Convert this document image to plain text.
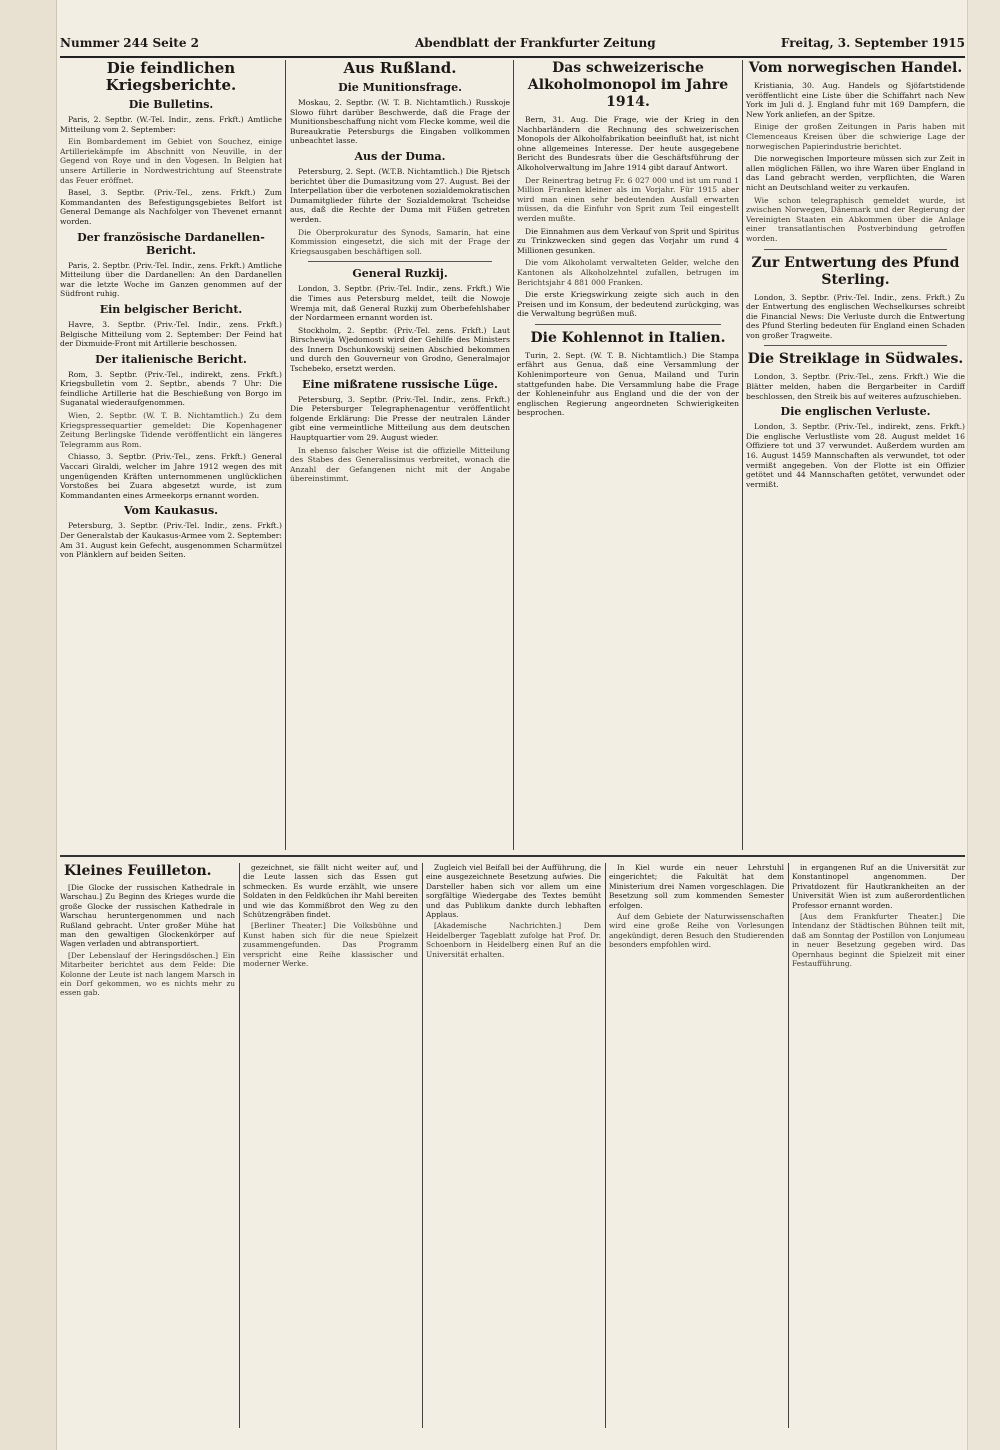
Nummer 244 Seite 2	Abendblatt der Frankfurter Zeitung	Freitag, 3. September 1915
Die feindlichen Kriegsberichte.
Die Bulletins.

Paris, 2. Septbr. (W.-Tel. Indir., zens. Frkft.) Amtliche Mitteilung vom 2. September:

Ein Bombardement im Gebiet von Souchez, einige Artilleriekämpfe im Abschnitt von Neuville, in der Gegend von Roye und in den Vogesen. In Belgien hat unsere Artillerie in Nordwestrichtung auf Steenstrate das Feuer eröffnet.

Basel, 3. Septbr. (Priv.-Tel., zens. Frkft.) Zum Kommandanten des Befestigungsgebietes Belfort ist General Demange als Nachfolger von Thevenet ernannt worden.

Der französische Dardanellen-Bericht.

Paris, 2. Septbr. (Priv.-Tel. Indir., zens. Frkft.) Amtliche Mitteilung über die Dardanellen: An den Dardanellen war die letzte Woche im Ganzen genommen auf der Südfront ruhig.

Ein belgischer Bericht.

Havre, 3. Septbr. (Priv.-Tel. Indir., zens. Frkft.) Belgische Mitteilung vom 2. September: Der Feind hat der Dixmuide-Front mit Artillerie beschossen.

Der italienische Bericht.

Rom, 3. Septbr. (Priv.-Tel., indirekt, zens. Frkft.) Kriegsbulletin vom 2. Septbr., abends 7 Uhr: Die feindliche Artillerie hat die Beschießung von Borgo im Suganatal wiederaufgenommen.

Wien, 2. Septbr. (W. T. B. Nichtamtlich.) Zu dem Kriegspressequartier gemeldet: Die Kopenhagener Zeitung Berlingske Tidende veröffentlicht ein längeres Telegramm aus Rom.

Chiasso, 3. Septbr. (Priv.-Tel., zens. Frkft.) General Vaccari Giraldi, welcher im Jahre 1912 wegen des mit ungenügenden Kräften unternommenen unglücklichen Vorstoßes bei Zuara abgesetzt wurde, ist zum Kommandanten eines Armeekorps ernannt worden.

Vom Kaukasus.

Petersburg, 3. Septbr. (Priv.-Tel. Indir., zens. Frkft.) Der Generalstab der Kaukasus-Armee vom 2. September: Am 31. August kein Gefecht, ausgenommen Scharmützel von Plänklern auf beiden Seiten.

Aus Rußland.
Die Munitionsfrage.

Moskau, 2. Septbr. (W. T. B. Nichtamtlich.) Russkoje Slowo führt darüber Beschwerde, daß die Frage der Munitionsbeschaffung nicht vom Flecke komme, weil die Bureaukratie Petersburgs die Eingaben vollkommen unbeachtet lasse.

Aus der Duma.

Petersburg, 2. Sept. (W.T.B. Nichtamtlich.) Die Rjetsch berichtet über die Dumasitzung vom 27. August. Bei der Interpellation über die verbotenen sozialdemokratischen Dumamitglieder führte der Sozialdemokrat Tscheidse aus, daß die Rechte der Duma mit Füßen getreten werden.

Die Oberprokuratur des Synods, Samarin, hat eine Kommission eingesetzt, die sich mit der Frage der Kriegsausgaben beschäftigen soll.

General Ruzkij.

London, 3. Septbr. (Priv.-Tel. Indir., zens. Frkft.) Wie die Times aus Petersburg meldet, teilt die Nowoje Wremja mit, daß General Ruzkij zum Oberbefehlshaber der Nordarmeen ernannt worden ist.

Stockholm, 2. Septbr. (Priv.-Tel. zens. Frkft.) Laut Birschewija Wjedomosti wird der Gehilfe des Ministers des Innern Dschunkowskij seinen Abschied bekommen und durch den Gouverneur von Grodno, Generalmajor Tschebeko, ersetzt werden.

Eine mißratene russische Lüge.

Petersburg, 3. Septbr. (Priv.-Tel. Indir., zens. Frkft.) Die Petersburger Telegraphenagentur veröffentlicht folgende Erklärung: Die Presse der neutralen Länder gibt eine vermeintliche Mitteilung aus dem deutschen Hauptquartier vom 29. August wieder.

In ebenso falscher Weise ist die offizielle Mitteilung des Stabes des Generalissimus verbreitet, wonach die Anzahl der Gefangenen nicht mit der Angabe übereinstimmt.

Das schweizerische Alkoholmonopol im Jahre 1914.

Bern, 31. Aug. Die Frage, wie der Krieg in den Nachbarländern die Rechnung des schweizerischen Monopols der Alkoholfabrikation beeinflußt hat, ist nicht ohne allgemeines Interesse. Der heute ausgegebene Bericht des Bundesrats über die Geschäftsführung der Alkoholverwaltung im Jahre 1914 gibt darauf Antwort.

Der Reinertrag betrug Fr. 6 027 000 und ist um rund 1 Million Franken kleiner als im Vorjahr. Für 1915 aber wird man einen sehr bedeutenden Ausfall erwarten müssen, da die Einfuhr von Sprit zum Teil eingestellt werden mußte.

Die Einnahmen aus dem Verkauf von Sprit und Spiritus zu Trinkzwecken sind gegen das Vorjahr um rund 4 Millionen gesunken.

Die vom Alkoholamt verwalteten Gelder, welche den Kantonen als Alkoholzehntel zufallen, betrugen im Berichtsjahr 4 881 000 Franken.

Die erste Kriegswirkung zeigte sich auch in den Preisen und im Konsum, der bedeutend zurückging, was die Verwaltung begrüßen muß.

Die Kohlennot in Italien.

Turin, 2. Sept. (W. T. B. Nichtamtlich.) Die Stampa erfährt aus Genua, daß eine Versammlung der Kohlenimporteure von Genua, Mailand und Turin stattgefunden habe. Die Versammlung habe die Frage der Kohleneinfuhr aus England und die der von der englischen Regierung angeordneten Schwierigkeiten besprochen.

Vom norwegischen Handel.

Kristiania, 30. Aug. Handels og Sjöfartstidende veröffentlicht eine Liste über die Schiffahrt nach New York im Juli d. J. England fuhr mit 169 Dampfern, die New York anliefen, an der Spitze.

Einige der großen Zeitungen in Paris haben mit Clemenceaus Kreisen über die schwierige Lage der norwegischen Papierindustrie berichtet.

Die norwegischen Importeure müssen sich zur Zeit in allen möglichen Fällen, wo ihre Waren über England in das Land gebracht werden, verpflichten, die Waren nicht an Deutschland weiter zu verkaufen.

Wie schon telegraphisch gemeldet wurde, ist zwischen Norwegen, Dänemark und der Regierung der Vereinigten Staaten ein Abkommen über die Anlage einer transatlantischen Postverbindung getroffen worden.

Zur Entwertung des Pfund Sterling.

London, 3. Septbr. (Priv.-Tel. Indir., zens. Frkft.) Zu der Entwertung des englischen Wechselkurses schreibt die Financial News: Die Verluste durch die Entwertung des Pfund Sterling bedeuten für England einen Schaden von großer Tragweite.

Die Streiklage in Südwales.

London, 3. Septbr. (Priv.-Tel., zens. Frkft.) Wie die Blätter melden, haben die Bergarbeiter in Cardiff beschlossen, den Streik bis auf weiteres aufzuschieben.

Die englischen Verluste.

London, 3. Septbr. (Priv.-Tel., indirekt, zens. Frkft.) Die englische Verlustliste vom 28. August meldet 16 Offiziere tot und 37 verwundet. Außerdem wurden am 16. August 1459 Mannschaften als verwundet, tot oder vermißt angegeben. Von der Flotte ist ein Offizier getötet und 44 Mannschaften getötet, verwundet oder vermißt.

Kleines Feuilleton.

[Die Glocke der russischen Kathedrale in Warschau.] Zu Beginn des Krieges wurde die große Glocke der russischen Kathedrale in Warschau heruntergenommen und nach Rußland gebracht. Unter großer Mühe hat man den gewaltigen Glockenkörper auf Wagen verladen und abtransportiert.

[Der Lebenslauf der Heringsdöschen.] Ein Mitarbeiter berichtet aus dem Felde: Die Kolonne der Leute ist nach langem Marsch in ein Dorf gekommen, wo es nichts mehr zu essen gab.

gezeichnet, sie fällt nicht weiter auf, und die Leute lassen sich das Essen gut schmecken. Es wurde erzählt, wie unsere Soldaten in den Feldküchen ihr Mahl bereiten und wie das Kommißbrot den Weg zu den Schützengräben findet.

[Berliner Theater.] Die Volksbühne und Kunst haben sich für die neue Spielzeit zusammengefunden. Das Programm verspricht eine Reihe klassischer und moderner Werke.

Zugleich viel Beifall bei der Aufführung, die eine ausgezeichnete Besetzung aufwies. Die Darsteller haben sich vor allem um eine sorgfältige Wiedergabe des Textes bemüht und das Publikum dankte durch lebhaften Applaus.

[Akademische Nachrichten.] Dem Heidelberger Tageblatt zufolge hat Prof. Dr. Schoenborn in Heidelberg einen Ruf an die Universität erhalten.

In Kiel wurde ein neuer Lehrstuhl eingerichtet; die Fakultät hat dem Ministerium drei Namen vorgeschlagen. Die Besetzung soll zum kommenden Semester erfolgen.

Auf dem Gebiete der Naturwissenschaften wird eine große Reihe von Vorlesungen angekündigt, deren Besuch den Studierenden besonders empfohlen wird.

in ergangenen Ruf an die Universität zur Konstantinopel angenommen. Der Privatdozent für Hautkrankheiten an der Universität Wien ist zum außerordentlichen Professor ernannt worden.

[Aus dem Frankfurter Theater.] Die Intendanz der Städtischen Bühnen teilt mit, daß am Sonntag der Postillon von Lonjumeau in neuer Besetzung gegeben wird. Das Opernhaus beginnt die Spielzeit mit einer Festaufführung.
